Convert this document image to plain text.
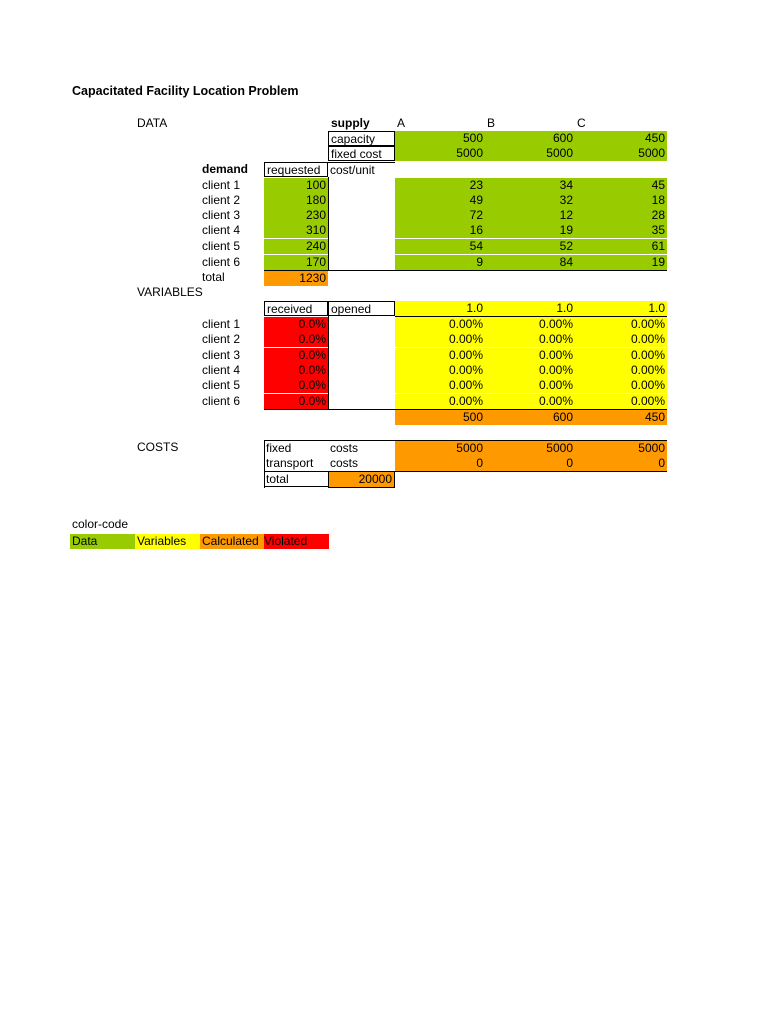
Capacitated Facility Location Problem
DATA	supply A	B	C
capacity	500	600	450
fixed cost	5000	5000	5000
demand requested cost/unit
client 1	100	23	34	45
client 2	180	49	32	18
client 3	230	72	12	28
client 4	310	16	19	35
client 5	240	54	52	61
client 6	170	9	84	19
total	1230
VARIABLES
received	opened	1.0	1.0	1.0
client 1	0.0%	0.00%	0.00%	0.00%
client 2	0.0%	0.00%	0.00%	0.00%
client 3	0.0%	0.00%	0.00%	0.00%
client 4	0.0%	0.00%	0.00%	0.00%
client 5	0.0%	0.00%	0.00%	0.00%
client 6	0.0%	0.00%	0.00%	0.00%
500	600	450
COSTS	fixed	costs	5000	5000	5000
transport	costs	0	0	0
total	20000
color-code
Data	Variables	Calculated Violated
